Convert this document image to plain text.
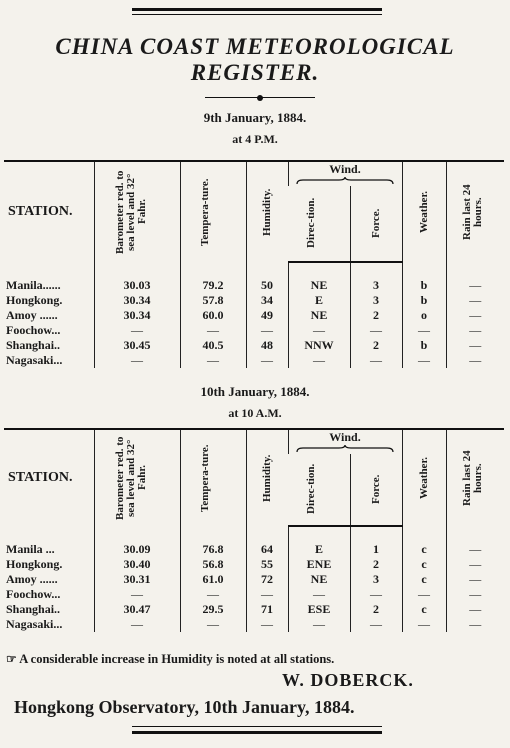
CHINA COAST METEOROLOGICAL
REGISTER.
9th January, 1884.
at 4 P.M.
STATION.	Barometer red. to sea level and 32° Fahr.	Tempera-ture.	Humidity.	Wind.		Weather.	Rain last 24 hours.

				Direc-tion.	Force.		

Manila......	30.03	79.2	50	NE	3	b	—
Hongkong.	30.34	57.8	34	E	3	b	—
Amoy ......	30.34	60.0	49	NE	2	o	—
Foochow...	—	—	—	—	—	—	—
Shanghai..	30.45	40.5	48	NNW	2	b	—
Nagasaki...	—	—	—	—	—	—	—
10th January, 1884.
at 10 A.M.
STATION.	Barometer red. to sea level and 32° Fahr.	Tempera-ture.	Humidity.	Wind.		Weather.	Rain last 24 hours.

				Direc-tion.	Force.		

Manila ...	30.09	76.8	64	E	1	c	—
Hongkong.	30.40	56.8	55	ENE	2	c	—
Amoy ......	30.31	61.0	72	NE	3	c	—
Foochow...	—	—	—	—	—	—	—
Shanghai..	30.47	29.5	71	ESE	2	c	—
Nagasaki...	—	—	—	—	—	—	—
☞ A considerable increase in Humidity is noted at all stations.
W. DOBERCK.
Hongkong Observatory, 10th January, 1884.
